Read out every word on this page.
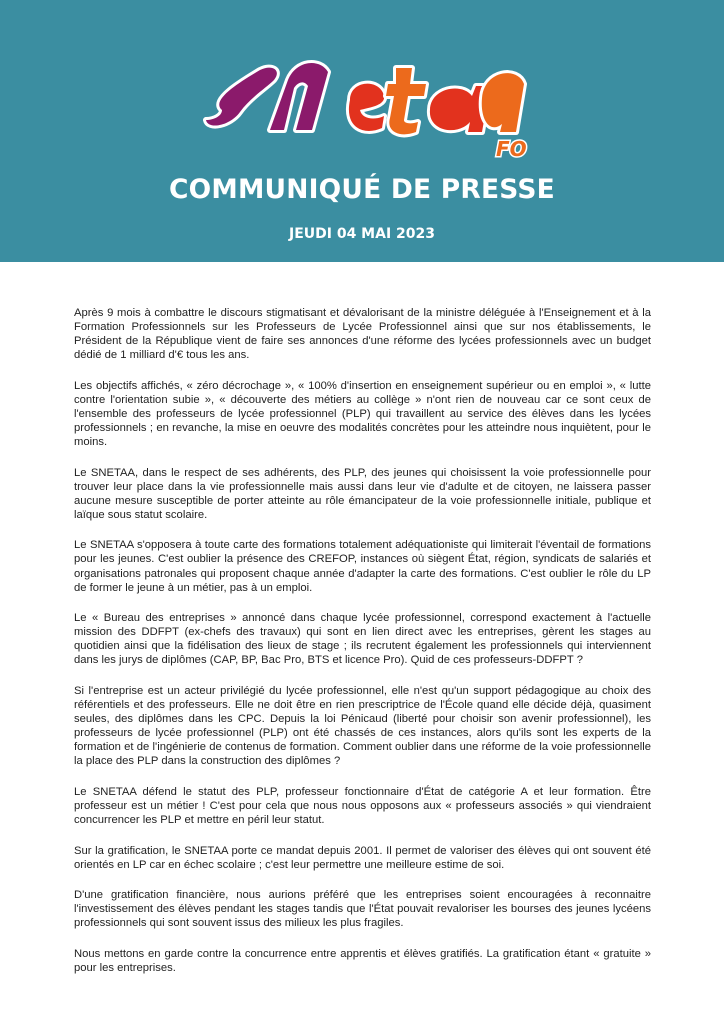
FO
COMMUNIQUÉ DE PRESSE
JEUDI 04 MAI 2023

Après 9 mois à combattre le discours stigmatisant et dévalorisant de la ministre déléguée à l'Enseignement et à la Formation Professionnels sur les Professeurs de Lycée Professionnel ainsi que sur nos établissements, le Président de la République vient de faire ses annonces d'une réforme des lycées professionnels avec un budget dédié de 1 milliard d'€ tous les ans.

Les objectifs affichés, « zéro décrochage », « 100% d'insertion en enseignement supérieur ou en emploi », « lutte contre l'orientation subie », « découverte des métiers au collège » n'ont rien de nouveau car ce sont ceux de l'ensemble des professeurs de lycée professionnel (PLP) qui travaillent au service des élèves dans les lycées professionnels ; en revanche, la mise en oeuvre des modalités concrètes pour les atteindre nous inquiètent, pour le moins.

Le SNETAA, dans le respect de ses adhérents, des PLP, des jeunes qui choisissent la voie professionnelle pour trouver leur place dans la vie professionnelle mais aussi dans leur vie d'adulte et de citoyen, ne laissera passer aucune mesure susceptible de porter atteinte au rôle émancipateur de la voie professionnelle initiale, publique et laïque sous statut scolaire.

Le SNETAA s'opposera à toute carte des formations totalement adéquationiste qui limiterait l'éventail de formations pour les jeunes. C'est oublier la présence des CREFOP, instances où siègent État, région, syndicats de salariés et organisations patronales qui proposent chaque année d'adapter la carte des formations. C'est oublier le rôle du LP de former le jeune à un métier, pas à un emploi.

Le « Bureau des entreprises » annoncé dans chaque lycée professionnel, correspond exactement à l'actuelle mission des DDFPT (ex-chefs des travaux) qui sont en lien direct avec les entreprises, gèrent les stages au quotidien ainsi que la fidélisation des lieux de stage ; ils recrutent également les professionnels qui interviennent dans les jurys de diplômes (CAP, BP, Bac Pro, BTS et licence Pro). Quid de ces professeurs-DDFPT ?

Si l'entreprise est un acteur privilégié du lycée professionnel, elle n'est qu'un support pédagogique au choix des référentiels et des professeurs. Elle ne doit être en rien prescriptrice de l'École quand elle décide déjà, quasiment seules, des diplômes dans les CPC. Depuis la loi Pénicaud (liberté pour choisir son avenir professionnel), les professeurs de lycée professionnel (PLP) ont été chassés de ces instances, alors qu'ils sont les experts de la formation et de l'ingénierie de contenus de formation. Comment oublier dans une réforme de la voie professionnelle la place des PLP dans la construction des diplômes ?

Le SNETAA défend le statut des PLP, professeur fonctionnaire d'État de catégorie A et leur formation. Être professeur est un métier ! C'est pour cela que nous nous opposons aux « professeurs associés » qui viendraient concurrencer les PLP et mettre en péril leur statut.

Sur la gratification, le SNETAA porte ce mandat depuis 2001. Il permet de valoriser des élèves qui ont souvent été orientés en LP car en échec scolaire ; c'est leur permettre une meilleure estime de soi.

D'une gratification financière, nous aurions préféré que les entreprises soient encouragées à reconnaitre l'investissement des élèves pendant les stages tandis que l'État pouvait revaloriser les bourses des jeunes lycéens professionnels qui sont souvent issus des milieux les plus fragiles.

Nous mettons en garde contre la concurrence entre apprentis et élèves gratifiés. La gratification étant « gratuite » pour les entreprises.
